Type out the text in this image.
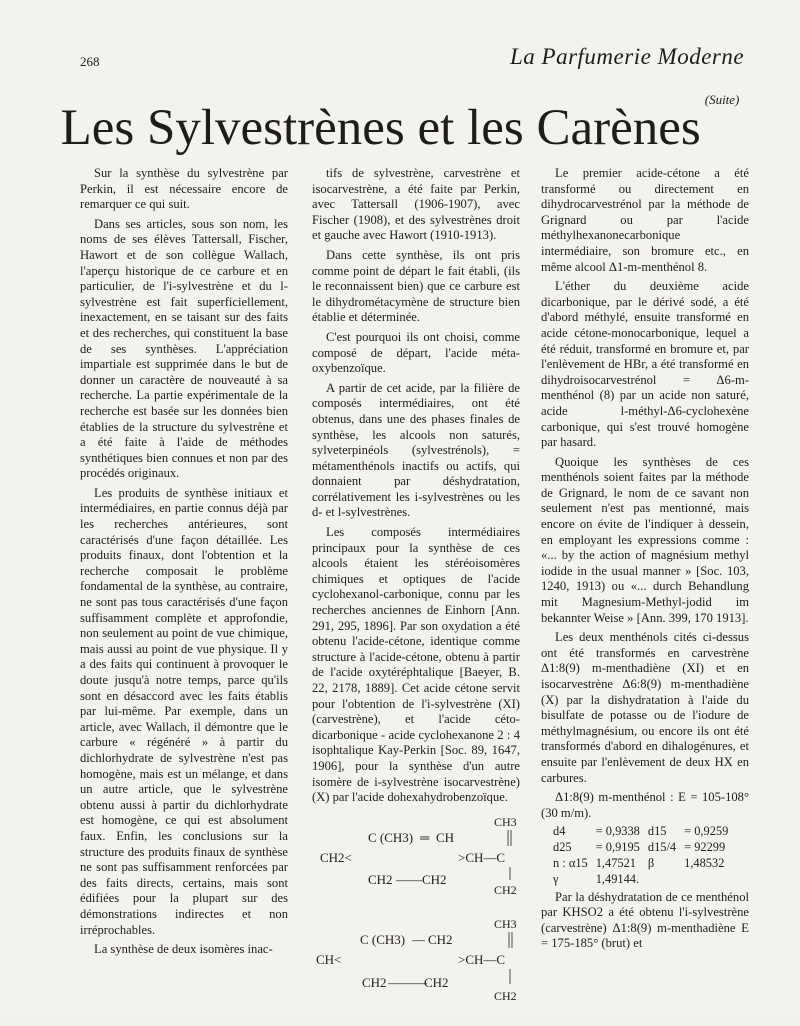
268	La Parfumerie Moderne
Les Sylvestrènes et les Carènes$^{(Suite)}$

Sur la synthèse du sylvestrène par Perkin, il est nécessaire encore de remarquer ce qui suit.

Dans ses articles, sous son nom, les noms de ses élèves Tattersall, Fischer, Hawort et de son collègue Wallach, l'aperçu historique de ce carbure et en particulier, de l'i-sylvestrène et du l-sylvestrène est fait superficiellement, inexactement, en se taisant sur des faits et des recherches, qui constituent la base de ses synthèses. L'appréciation impartiale est supprimée dans le but de donner un caractère de nouveauté à sa recherche. La partie expérimentale de la recherche est basée sur les données bien établies de la structure du sylvestrène et a été faite à l'aide de méthodes synthétiques bien connues et non par des procédés originaux.

Les produits de synthèse initiaux et intermédiaires, en partie connus déjà par les recherches antérieures, sont caractérisés d'une façon détaillée. Les produits finaux, dont l'obtention et la recherche composait le problème fondamental de la synthèse, au contraire, ne sont pas tous caractérisés d'une façon suffisamment complète et approfondie, non seulement au point de vue chimique, mais aussi au point de vue physique. Il y a des faits qui continuent à provoquer le doute jusqu'à notre temps, parce qu'ils sont en désaccord avec les faits établis par lui-même. Par exemple, dans un article, avec Wallach, il démontre que le carbure « régénéré » à partir du dichlorhydrate de sylvestrène n'est pas homogène, mais est un mélange, et dans un autre article, que le sylvestrène obtenu aussi à partir du dichlorhydrate est homogène, ce qui est absolument faux. Enfin, les conclusions sur la structure des produits finaux de synthèse ne sont pas suffisamment renforcées par des faits directs, certains, mais sont édifiées pour la plupart sur des démonstrations indirectes et non irréprochables.

La synthèse de deux isomères inac-

tifs de sylvestrène, carvestrène et isocarvestrène, a été faite par Perkin, avec Tattersall (1906-1907), avec Fischer (1908), et des sylvestrènes droit et gauche avec Hawort (1910-1913).

Dans cette synthèse, ils ont pris comme point de départ le fait établi, (ils le reconnaissent bien) que ce carbure est le dihydrométacymène de structure bien établie et déterminée.

C'est pourquoi ils ont choisi, comme composé de départ, l'acide méta-oxybenzoïque.

A partir de cet acide, par la filière de composés intermédiaires, ont été obtenus, dans une des phases finales de synthèse, les alcools non saturés, sylveterpinéols (sylvestrénols), = métamenthénols inactifs ou actifs, qui donnaient par déshydratation, corrélativement les i-sylvestrènes ou les d- et l-sylvestrènes.

Les composés intermédiaires principaux pour la synthèse de ces alcools étaient les stéréoisomères chimiques et optiques de l'acide cyclohexanol-carbonique, connu par les recherches anciennes de Einhorn [Ann. 291, 295, 1896]. Par son oxydation a été obtenu l'acide-cétone, identique comme structure à l'acide-cétone, obtenu à partir de l'acide oxytéréphtalique [Baeyer, B. 22, 2178, 1889]. Cet acide cétone servit pour l'obtention de l'i-sylvestrène (XI) (carvestrène), et l'acide céto-dicarbonique - acide cyclohexanone 2 : 4 isophtalique Kay-Perkin [Soc. 89, 1647, 1906], pour la synthèse d'un autre isomère de i-sylvestrène isocarvestrène) (X) par l'acide dohexahydrobenzoïque.

CH3
C (CH3) ═ CH
CH2<	>CH—C
CH2 —— CH2
CH2
CH3
C (CH3) — CH2
CH<	>CH—C
CH2 ———
CH2
CH2

Le premier acide-cétone a été transformé ou directement en dihydrocarvestrénol par la méthode de Grignard ou par l'acide méthylhexanonecarbonique intermédiaire, son bromure etc., en même alcool Δ1-m-menthénol 8.

L'éther du deuxième acide dicarbonique, par le dérivé sodé, a été d'abord méthylé, ensuite transformé en acide cétone-monocarbonique, lequel a été réduit, transformé en bromure et, par l'enlèvement de HBr, a été transformé en dihydroisocarvestrénol = Δ6-m-menthénol (8) par un acide non saturé, acide l-méthyl-Δ6-cyclohexène carbonique, qui s'est trouvé homogène par hasard.

Quoique les synthèses de ces menthénols soient faites par la méthode de Grignard, le nom de ce savant non seulement n'est pas mentionné, mais encore on évite de l'indiquer à dessein, en employant les expressions comme : «... by the action of magnésium methyl iodide in the usual manner » [Soc. 103, 1240, 1913) ou «... durch Behandlung mit Magnesium-Methyl-jodid im bekannter Weise » [Ann. 399, 170 1913].

Les deux menthénols cités ci-dessus ont été transformés en carvestrène Δ1:8(9) m-menthadiène (XI) et en isocarvestrène Δ6:8(9) m-menthadiène (X) par la dishydratation à l'aide du bisulfate de potasse ou de l'iodure de méthylmagnésium, ou encore ils ont été transformés d'abord en dihalogénures, et ensuite par l'enlèvement de deux HX en carbures.

Δ1:8(9) m-menthénol : E = 105-108° (30 m/m).

d4	= 0,9338	d15	= 0,9259
d25	= 0,9195	d15/4	= 92299
n : α15	1,47521	β	1,48532
γ	1,49144.		

Par la déshydratation de ce menthénol par KHSO2 a été obtenu l'i-sylvestrène (carvestrène) Δ1:8(9) m-menthadiène E = 175-185° (brut) et
